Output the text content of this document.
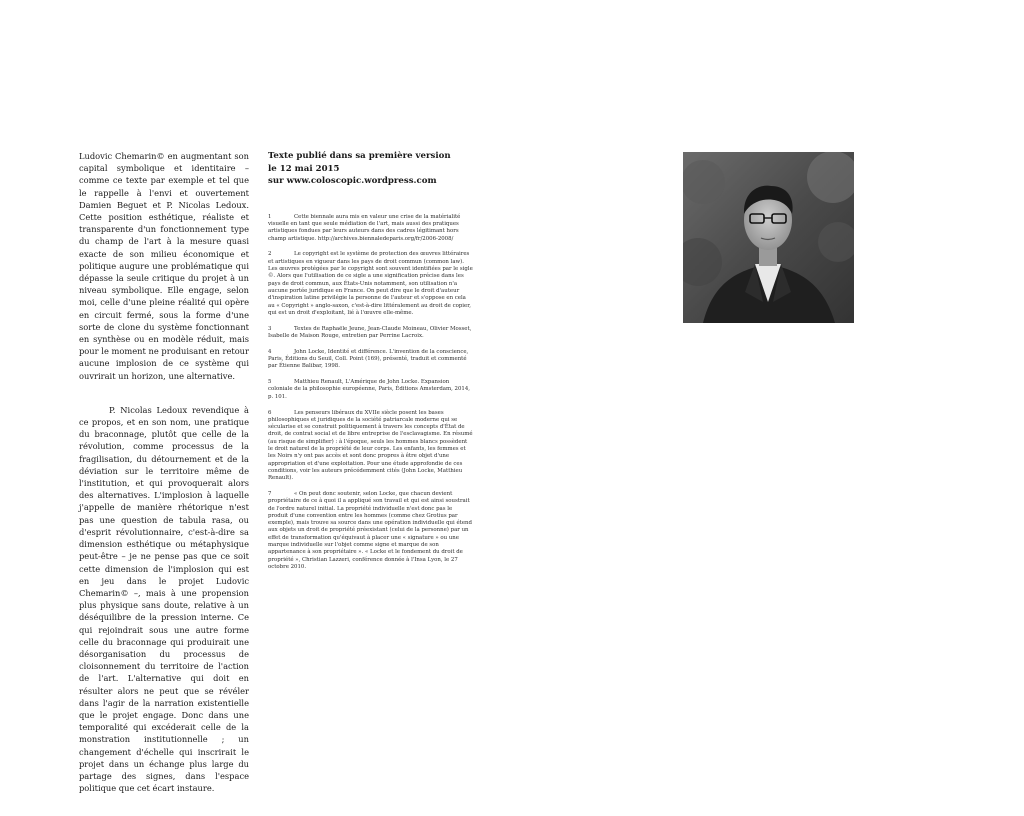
Ludovic Chemarin© en augmentant son capital symbolique et identitaire – comme ce texte par exemple et tel que le rappelle à l'envi et ouvertement Damien Beguet et P. Nicolas Ledoux. Cette position esthétique, réaliste et transparente d'un fonctionnement type du champ de l'art à la mesure quasi exacte de son milieu économique et politique augure une problématique qui dépasse la seule critique du projet à un niveau symbolique. Elle engage, selon moi, celle d'une pleine réalité qui opère en circuit fermé, sous la forme d'une sorte de clone du système fonctionnant en synthèse ou en modèle réduit, mais pour le moment ne produisant en retour aucune implosion de ce système qui ouvrirait un horizon, une alternative.

P. Nicolas Ledoux revendique à ce propos, et en son nom, une pratique du braconnage, plutôt que celle de la révolution, comme processus de la fragilisation, du détournement et de la déviation sur le territoire même de l'institution, et qui provoquerait alors des alternatives. L'implosion à laquelle j'appelle de manière rhétorique n'est pas une question de tabula rasa, ou d'esprit révolutionnaire, c'est-à-dire sa dimension esthétique ou métaphysique peut-être – je ne pense pas que ce soit cette dimension de l'implosion qui est en jeu dans le projet Ludovic Chemarin© –, mais à une propension plus physique sans doute, relative à un déséquilibre de la pression interne. Ce qui rejoindrait sous une autre forme celle du braconnage qui produirait une désorganisation du processus de cloisonnement du territoire de l'action de l'art. L'alternative qui doit en résulter alors ne peut que se révéler dans l'agir de la narration existentielle que le projet engage. Donc dans une temporalité qui excéderait celle de la monstration institutionnelle ; un changement d'échelle qui inscrirait le projet dans un échange plus large du partage des signes, dans l'espace politique que cet écart instaure.

Texte publié dans sa première version
le 12 mai 2015
sur www.coloscopic.wordpress.com
1	Cette biennale aura mis en valeur une crise de la matérialité visuelle en tant que seule médiation de l'art, mais aussi des pratiques artistiques fondues par leurs auteurs dans des cadres légitimant hors champ artistique. http://archives.biennaledeparis.org/fr/2006-2008/
2	Le copyright est le système de protection des œuvres littéraires et artistiques en vigueur dans les pays de droit commun (common law). Les œuvres protégées par le copyright sont souvent identifiées par le sigle ©. Alors que l'utilisation de ce sigle a une signification précise dans les pays de droit commun, aux États-Unis notamment, son utilisation n'a aucune portée juridique en France. On peut dire que le droit d'auteur d'inspiration latine privilégie la personne de l'auteur et s'oppose en cela au « Copyright » anglo-saxon, c'est-à-dire littéralement au droit de copier, qui est un droit d'exploitant, lié à l'œuvre elle-même.
3	Textes de Raphaële Jeune, Jean-Claude Moineau, Olivier Mosset, Isabelle de Maison Rouge, entretien par Perrine Lacroix.
4	John Locke, Identité et différence. L'invention de la conscience, Paris, Éditions du Seuil, Coll. Point (169), présenté, traduit et commenté par Étienne Balibar, 1998.
5	Matthieu Renault, L'Amérique de John Locke. Expansion coloniale de la philosophie européenne, Paris, Éditions Amsterdam, 2014, p. 101.
6	Les penseurs libéraux du XVIIe siècle posent les bases philosophiques et juridiques de la société patriarcale moderne qui se sécularise et se construit politiquement à travers les concepts d'État de droit, de contrat social et de libre entreprise de l'esclavagisme. En résumé (au risque de simplifier) : à l'époque, seuls les hommes blancs possèdent le droit naturel de la propriété de leur corps. Les enfants, les femmes et les Noirs n'y ont pas accès et sont donc propres à être objet d'une appropriation et d'une exploitation. Pour une étude approfondie de ces conditions, voir les auteurs précédemment cités (John Locke, Matthieu Renault).
7	« On peut donc soutenir, selon Locke, que chacun devient propriétaire de ce à quoi il a appliqué son travail et qui est ainsi soustrait de l'ordre naturel initial. La propriété individuelle n'est donc pas le produit d'une convention entre les hommes (comme chez Grotius par exemple), mais trouve sa source dans une opération individuelle qui étend aux objets un droit de propriété préexistant (celui de la personne) par un effet de transformation qu'équivaut à placer une « signature » ou une marque individuelle sur l'objet comme signe et marque de son appartenance à son propriétaire ». « Locke et le fondement du droit de propriété », Christian Lazzeri, conférence donnée à l'Insa Lyon, le 27 octobre 2010.
